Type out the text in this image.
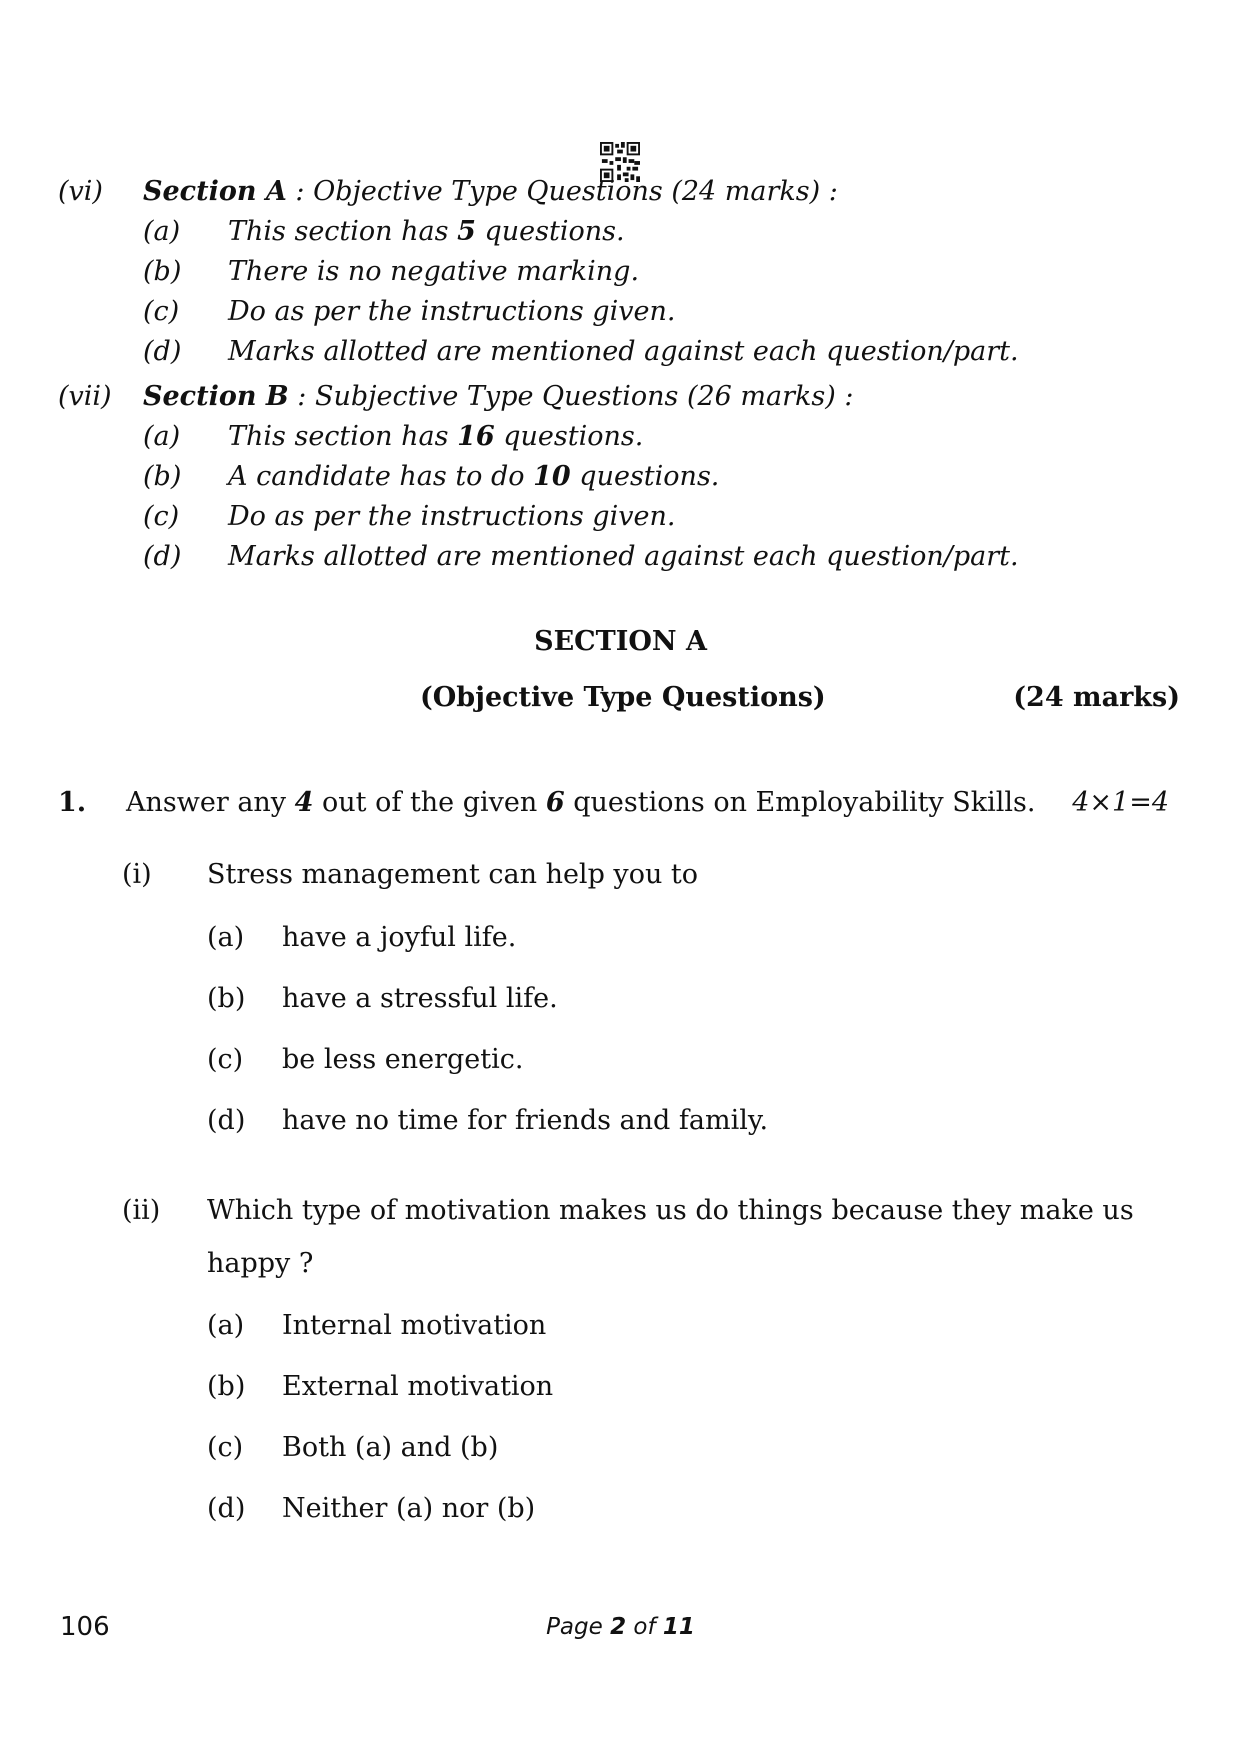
(vi) Section A : Objective Type Questions (24 marks) :
(a) This section has 5 questions.
(b) There is no negative marking.
(c) Do as per the instructions given.
(d) Marks allotted are mentioned against each question/part.
(vii) Section B : Subjective Type Questions (26 marks) :
(a) This section has 16 questions.
(b) A candidate has to do 10 questions.
(c) Do as per the instructions given.
(d) Marks allotted are mentioned against each question/part.
SECTION A
(Objective Type Questions)	(24 marks)
1. Answer any 4 out of the given 6 questions on Employability Skills. 4×1=4
(i) Stress management can help you to
(a) have a joyful life.
(b) have a stressful life.
(c) be less energetic.
(d) have no time for friends and family.
(ii) Which type of motivation makes us do things because they make us
happy ?
(a) Internal motivation
(b) External motivation
(c) Both (a) and (b)
(d) Neither (a) nor (b)
106	Page 2 of 11
